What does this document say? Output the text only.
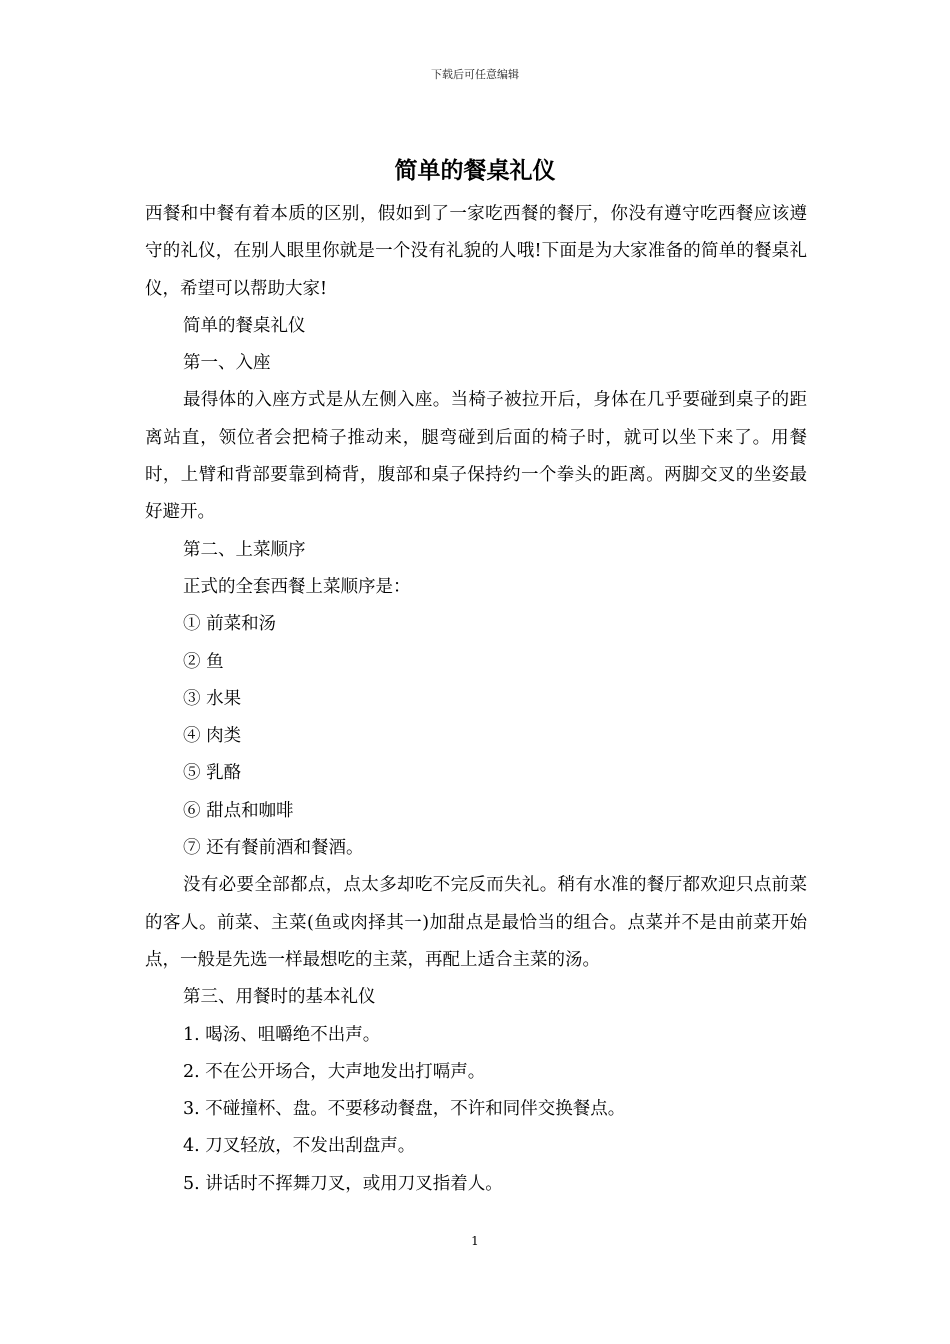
下载后可任意编辑
简单的餐桌礼仪

西餐和中餐有着本质的区别，假如到了一家吃西餐的餐厅，你没有遵守吃西餐应该遵守的礼仪，在别人眼里你就是一个没有礼貌的人哦!下面是为大家准备的简单的餐桌礼仪，希望可以帮助大家!

简单的餐桌礼仪

第一、入座

最得体的入座方式是从左侧入座。当椅子被拉开后，身体在几乎要碰到桌子的距离站直，领位者会把椅子推动来，腿弯碰到后面的椅子时，就可以坐下来了。用餐时，上臂和背部要靠到椅背，腹部和桌子保持约一个拳头的距离。两脚交叉的坐姿最好避开。

第二、上菜顺序

正式的全套西餐上菜顺序是：

① 前菜和汤

② 鱼

③ 水果

④ 肉类

⑤ 乳酪

⑥ 甜点和咖啡

⑦ 还有餐前酒和餐酒。

没有必要全部都点，点太多却吃不完反而失礼。稍有水准的餐厅都欢迎只点前菜的客人。前菜、主菜(鱼或肉择其一)加甜点是最恰当的组合。点菜并不是由前菜开始点，一般是先选一样最想吃的主菜，再配上适合主菜的汤。

第三、用餐时的基本礼仪

1. 喝汤、咀嚼绝不出声。

2. 不在公开场合，大声地发出打嗝声。

3. 不碰撞杯、盘。不要移动餐盘，不许和同伴交换餐点。

4. 刀叉轻放，不发出刮盘声。

5. 讲话时不挥舞刀叉，或用刀叉指着人。

1
